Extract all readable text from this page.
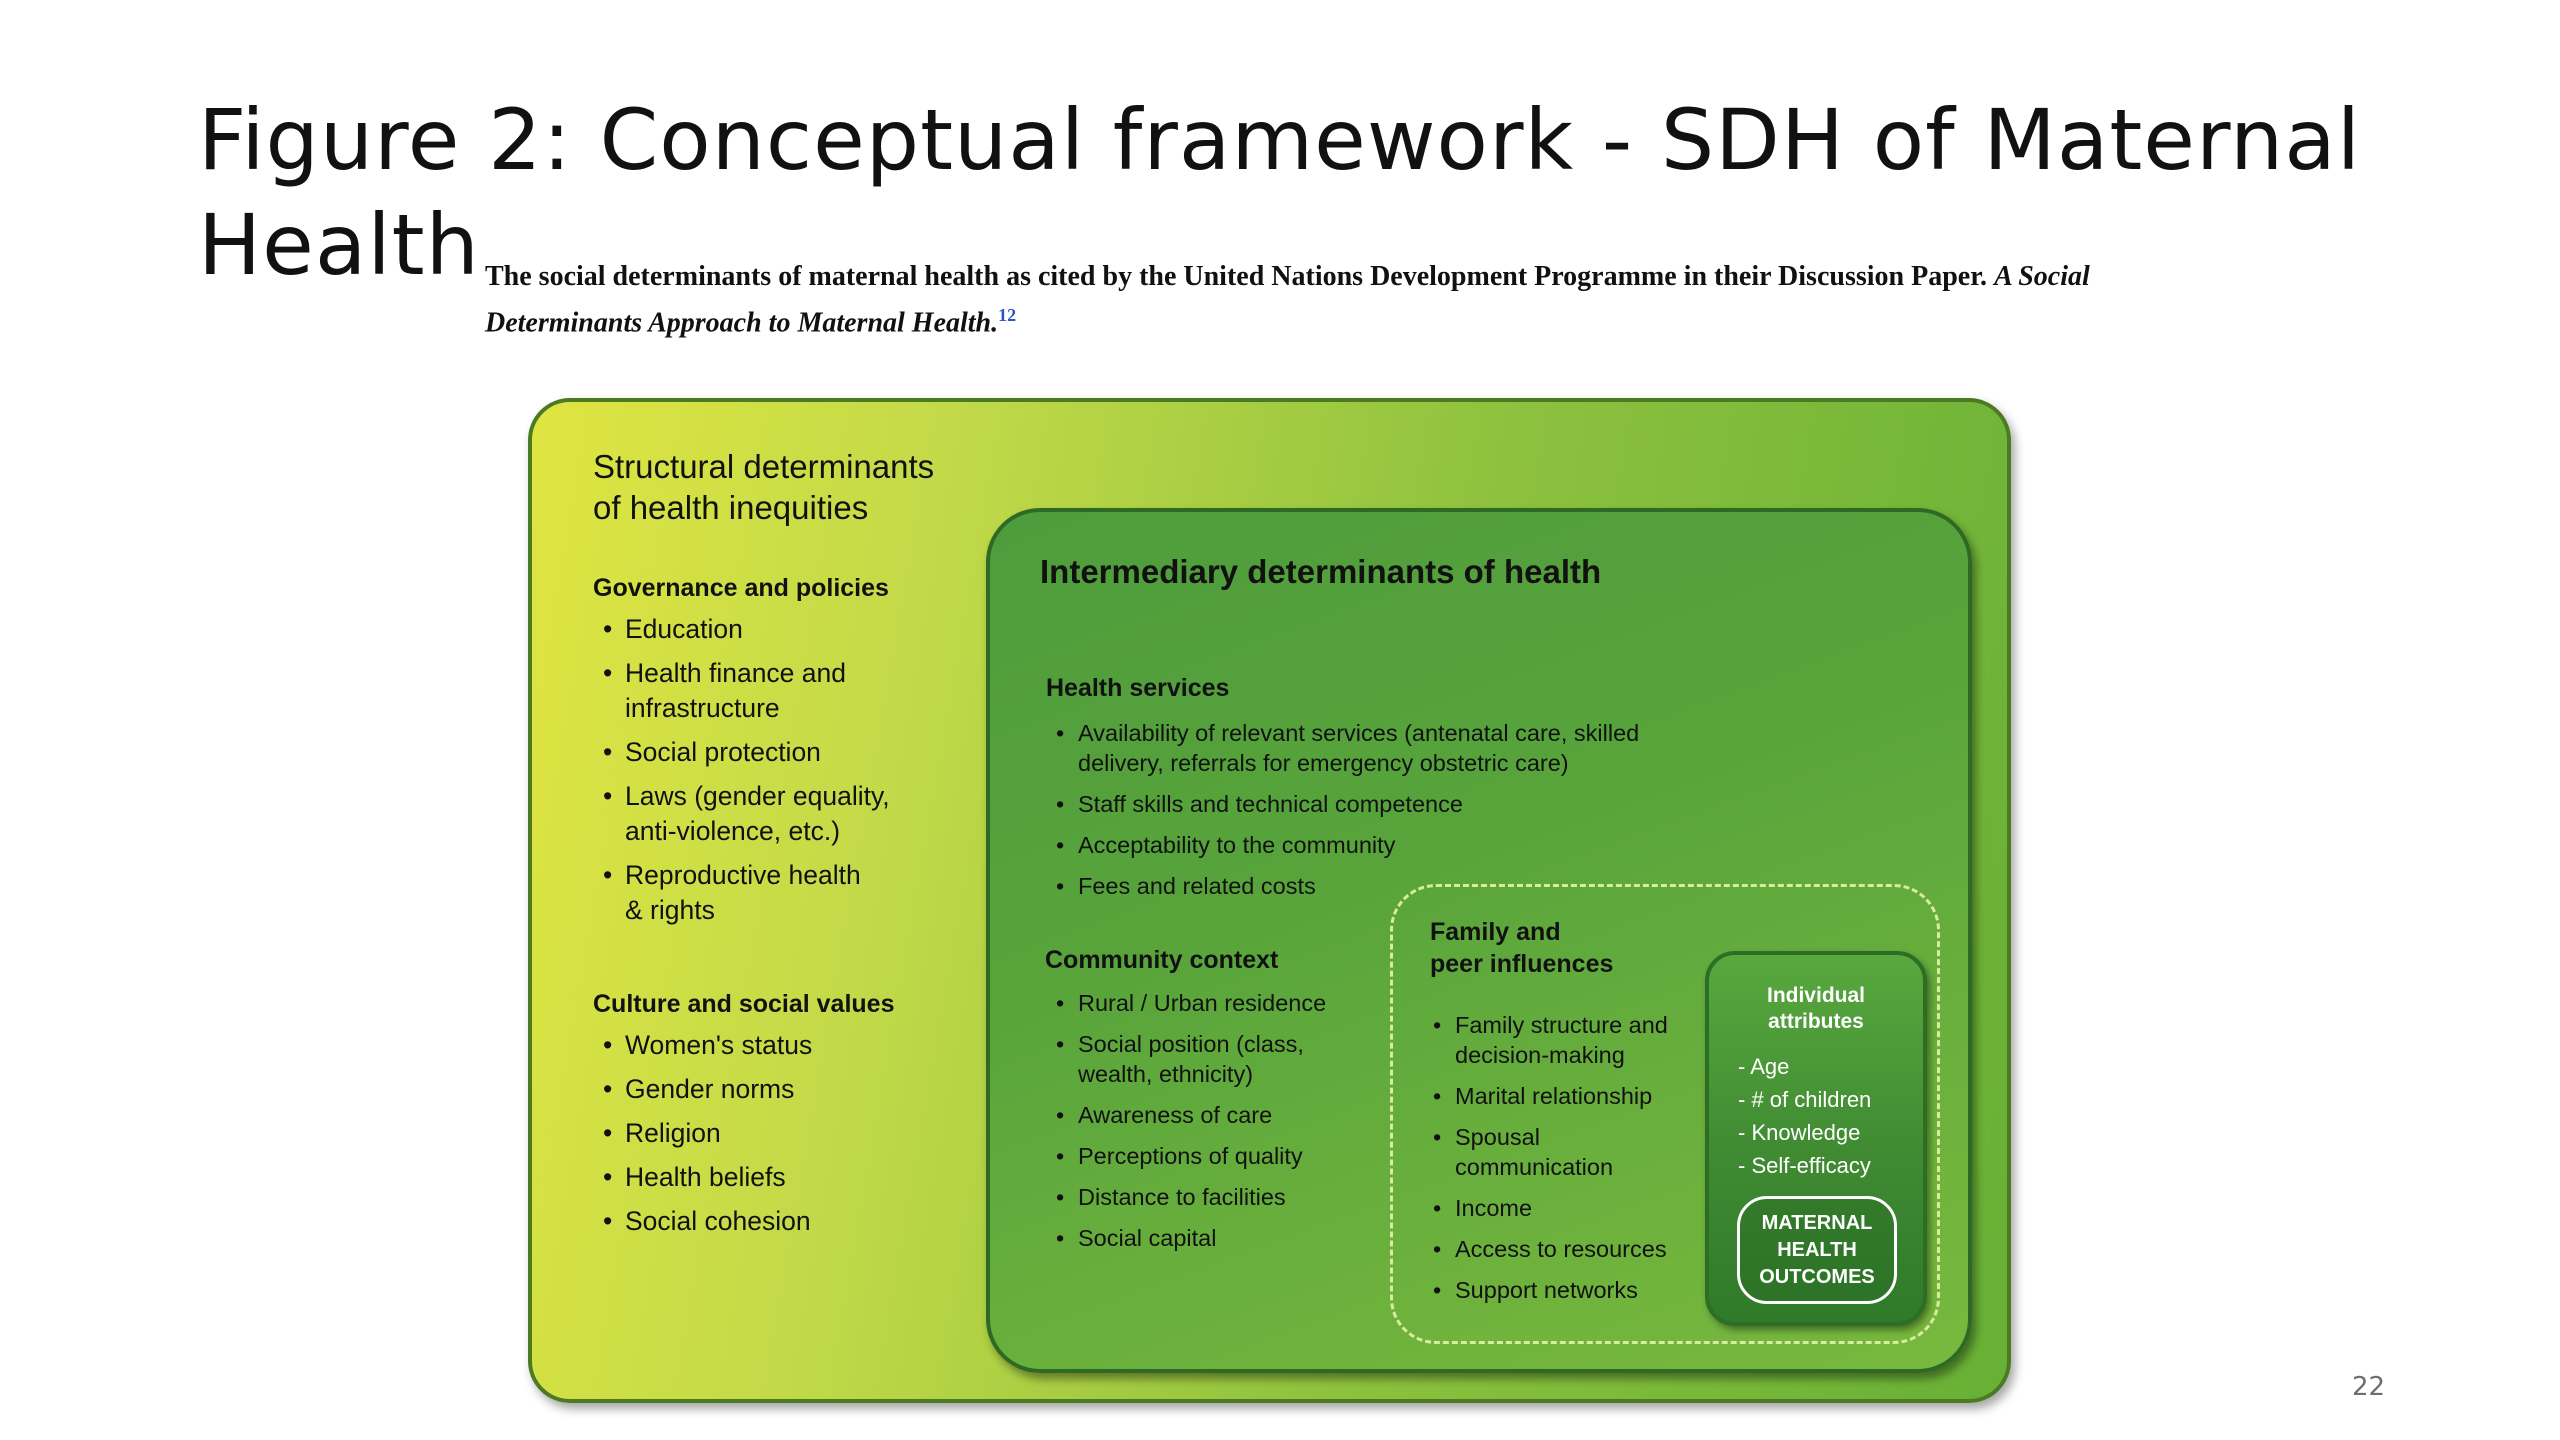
Figure 2: Conceptual framework - SDH of Maternal
Health The social determinants of maternal health as cited by the United Nations Development Programme in their Discussion Paper. A Social Determinants Approach to Maternal Health.$^{12}$
Structural determinants
of health inequities
Governance and policies
• Education
• Health finance and
infrastructure
• Social protection
• Laws (gender equality,
anti-violence, etc.)
• Reproductive health
& rights
Culture and social values
• Women's status
• Gender norms
• Religion
• Health beliefs
• Social cohesion
Intermediary determinants of health
Health services
• Availability of relevant services (antenatal care, skilled
delivery, referrals for emergency obstetric care)
• Staff skills and technical competence
• Acceptability to the community
• Fees and related costs
Community context
• Rural / Urban residence
• Social position (class,
wealth, ethnicity)
• Awareness of care
• Perceptions of quality
• Distance to facilities
• Social capital
Family and
peer influences
• Family structure and
decision-making
• Marital relationship
• Spousal
communication
• Income
• Access to resources
• Support networks
Individual
attributes
- Age
- # of children
- Knowledge
- Self-efficacy
MATERNAL
HEALTH
OUTCOMES
22
